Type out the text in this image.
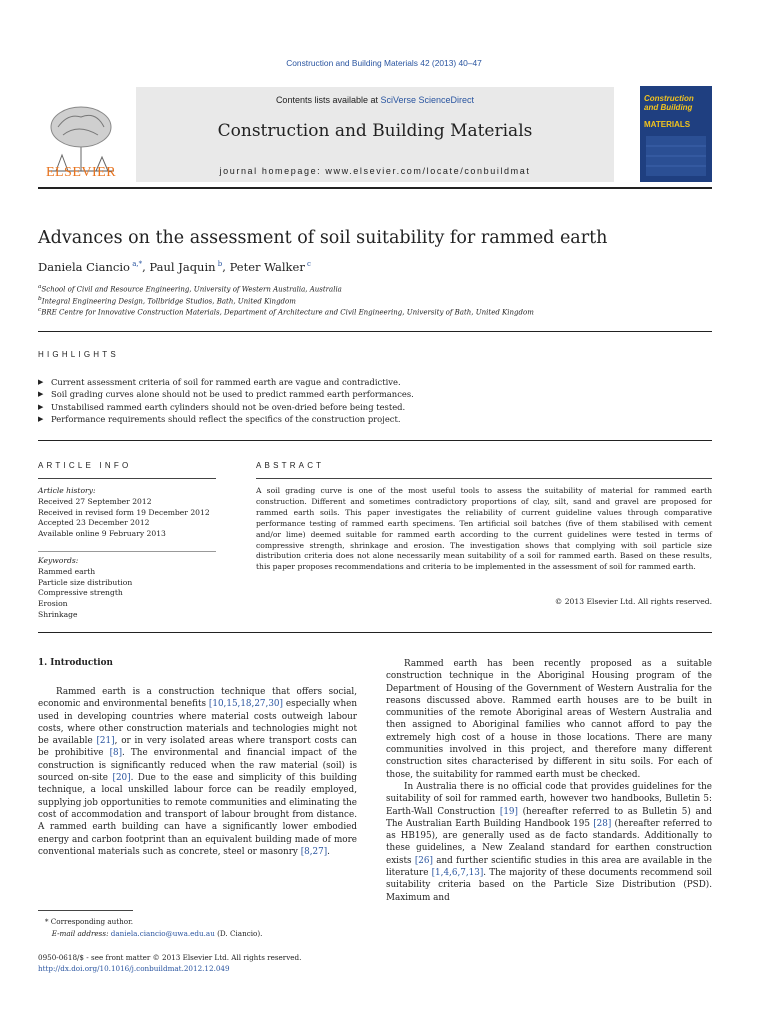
Construction and Building Materials 42 (2013) 40–47
Contents lists available at SciVerse ScienceDirect
Construction and Building Materials
journal homepage: www.elsevier.com/locate/conbuildmat
ELSEVIER
Construction and Building
MATERIALS
Advances on the assessment of soil suitability for rammed earth
Daniela Ciancio $^{a,*}$, Paul Jaquin $^b$, Peter Walker $^c$
$^a$School of Civil and Resource Engineering, University of Western Australia, Australia
$^b$Integral Engineering Design, Tollbridge Studios, Bath, United Kingdom
$^c$BRE Centre for Innovative Construction Materials, Department of Architecture and Civil Engineering, University of Bath, United Kingdom
HIGHLIGHTS
▶ Current assessment criteria of soil for rammed earth are vague and contradictive.
▶ Soil grading curves alone should not be used to predict rammed earth performances.
▶ Unstabilised rammed earth cylinders should not be oven-dried before being tested.
▶ Performance requirements should reflect the specifics of the construction project.
ARTICLE INFO
Article history:
Received 27 September 2012
Received in revised form 19 December 2012
Accepted 23 December 2012
Available online 9 February 2013
Keywords:
Rammed earth
Particle size distribution
Compressive strength
Erosion
Shrinkage
ABSTRACT
A soil grading curve is one of the most useful tools to assess the suitability of material for rammed earth construction. Different and sometimes contradictory proportions of clay, silt, sand and gravel are proposed for rammed earth soils. This paper investigates the reliability of current guideline values through comparative performance testing of rammed earth specimens. Ten artificial soil batches (five of them stabilised with cement and/or lime) deemed suitable for rammed earth according to the current guidelines were tested in terms of compressive strength, shrinkage and erosion. The investigation shows that complying with soil particle size distribution criteria does not alone necessarily mean suitability of a soil for rammed earth. Based on these results, this paper proposes recommendations and criteria to be implemented in the assessment of soil for rammed earth.
© 2013 Elsevier Ltd. All rights reserved.
1. Introduction

Rammed earth is a construction technique that offers social, economic and environmental benefits [10,15,18,27,30] especially when used in developing countries where material costs outweigh labour costs, where other construction materials and technologies might not be available [21], or in very isolated areas where transport costs can be prohibitive [8]. The environmental and financial impact of the construction is significantly reduced when the raw material (soil) is sourced on-site [20]. Due to the ease and simplicity of this building technique, a local unskilled labour force can be readily employed, supplying job opportunities to remote communities and eliminating the cost of accommodation and transport of labour brought from distance. A rammed earth building can have a significantly lower embodied energy and carbon footprint than an equivalent building made of more conventional materials such as concrete, steel or masonry [8,27].

Rammed earth has been recently proposed as a suitable construction technique in the Aboriginal Housing program of the Department of Housing of the Government of Western Australia for the reasons discussed above. Rammed earth houses are to be built in communities of the remote Aboriginal areas of Western Australia and then assigned to Aboriginal families who cannot afford to pay the extremely high cost of a house in those locations. There are many communities involved in this project, and therefore many different construction sites characterised by different in situ soils. For each of those, the suitability for rammed earth must be checked.

In Australia there is no official code that provides guidelines for the suitability of soil for rammed earth, however two handbooks, Bulletin 5: Earth-Wall Construction [19] (hereafter referred to as Bulletin 5) and The Australian Earth Building Handbook 195 [28] (hereafter referred to as HB195), are generally used as de facto standards. Additionally to these guidelines, a New Zealand standard for earthen construction exists [26] and further scientific studies in this area are available in the literature [1,4,6,7,13]. The majority of these documents recommend soil suitability criteria based on the Particle Size Distribution (PSD). Maximum and

* Corresponding author.
E-mail address: daniela.ciancio@uwa.edu.au (D. Ciancio).
0950-0618/$ - see front matter © 2013 Elsevier Ltd. All rights reserved.
http://dx.doi.org/10.1016/j.conbuildmat.2012.12.049
